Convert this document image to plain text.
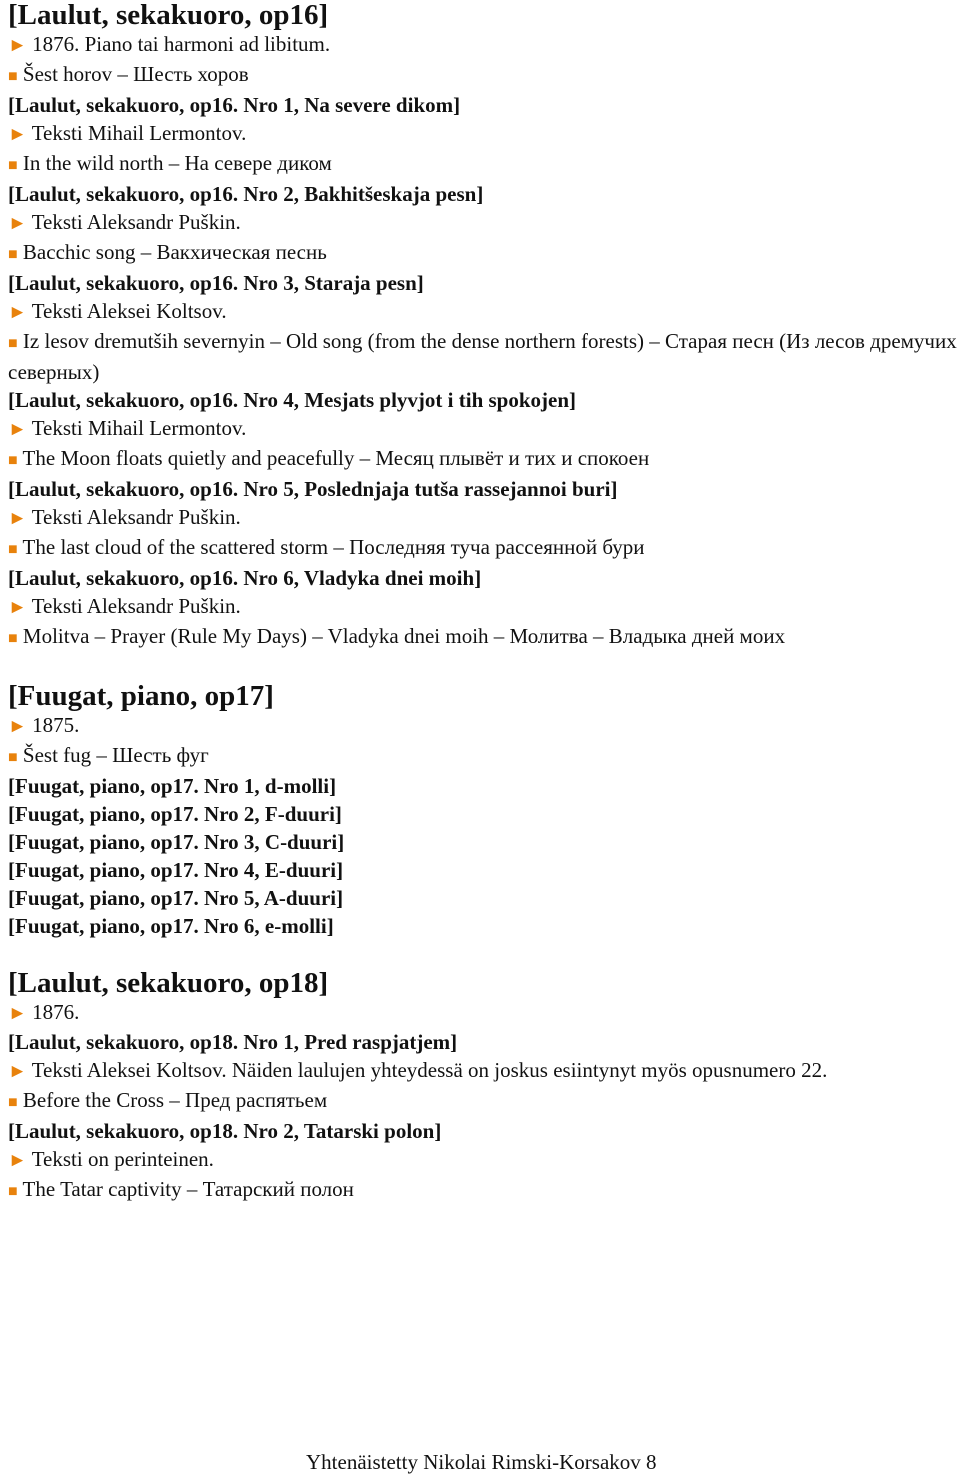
[Laulut, sekakuoro, op16]
► 1876. Piano tai harmoni ad libitum.
■ Šest horov – Шесть хоров
[Laulut, sekakuoro, op16. Nro 1, Na severe dikom]
► Teksti Mihail Lermontov.
■ In the wild north – На севере диком
[Laulut, sekakuoro, op16. Nro 2, Bakhitšeskaja pesn]
► Teksti Aleksandr Puškin.
■ Bacchic song – Вакхическая песнь
[Laulut, sekakuoro, op16. Nro 3, Staraja pesn]
► Teksti Aleksei Koltsov.
■ Iz lesov dremutših severnyin – Old song (from the dense northern forests) – Старая песн (Из лесов дремучих северных)
[Laulut, sekakuoro, op16. Nro 4, Mesjats plyvjot i tih spokojen]
► Teksti Mihail Lermontov.
■ The Moon floats quietly and peacefully – Месяц плывёт и тих и спокоен
[Laulut, sekakuoro, op16. Nro 5, Poslednjaja tutša rassejannoi buri]
► Teksti Aleksandr Puškin.
■ The last cloud of the scattered storm – Последняя туча рассеянной бури
[Laulut, sekakuoro, op16. Nro 6, Vladyka dnei moih]
► Teksti Aleksandr Puškin.
■ Molitva – Prayer (Rule My Days) – Vladyka dnei moih – Молитва – Владыка дней моих
[Fuugat, piano, op17]
► 1875.
■ Šest fug – Шесть фуг
[Fuugat, piano, op17. Nro 1, d-molli]
[Fuugat, piano, op17. Nro 2, F-duuri]
[Fuugat, piano, op17. Nro 3, C-duuri]
[Fuugat, piano, op17. Nro 4, E-duuri]
[Fuugat, piano, op17. Nro 5, A-duuri]
[Fuugat, piano, op17. Nro 6, e-molli]
[Laulut, sekakuoro, op18]
► 1876.
[Laulut, sekakuoro, op18. Nro 1, Pred raspjatjem]
► Teksti Aleksei Koltsov. Näiden laulujen yhteydessä on joskus esiintynyt myös opusnumero 22.
■ Before the Cross – Пред распятьем
[Laulut, sekakuoro, op18. Nro 2, Tatarski polon]
► Teksti on perinteinen.
■ The Tatar captivity – Татарский полон
Yhtenäistetty Nikolai Rimski-Korsakov 8
